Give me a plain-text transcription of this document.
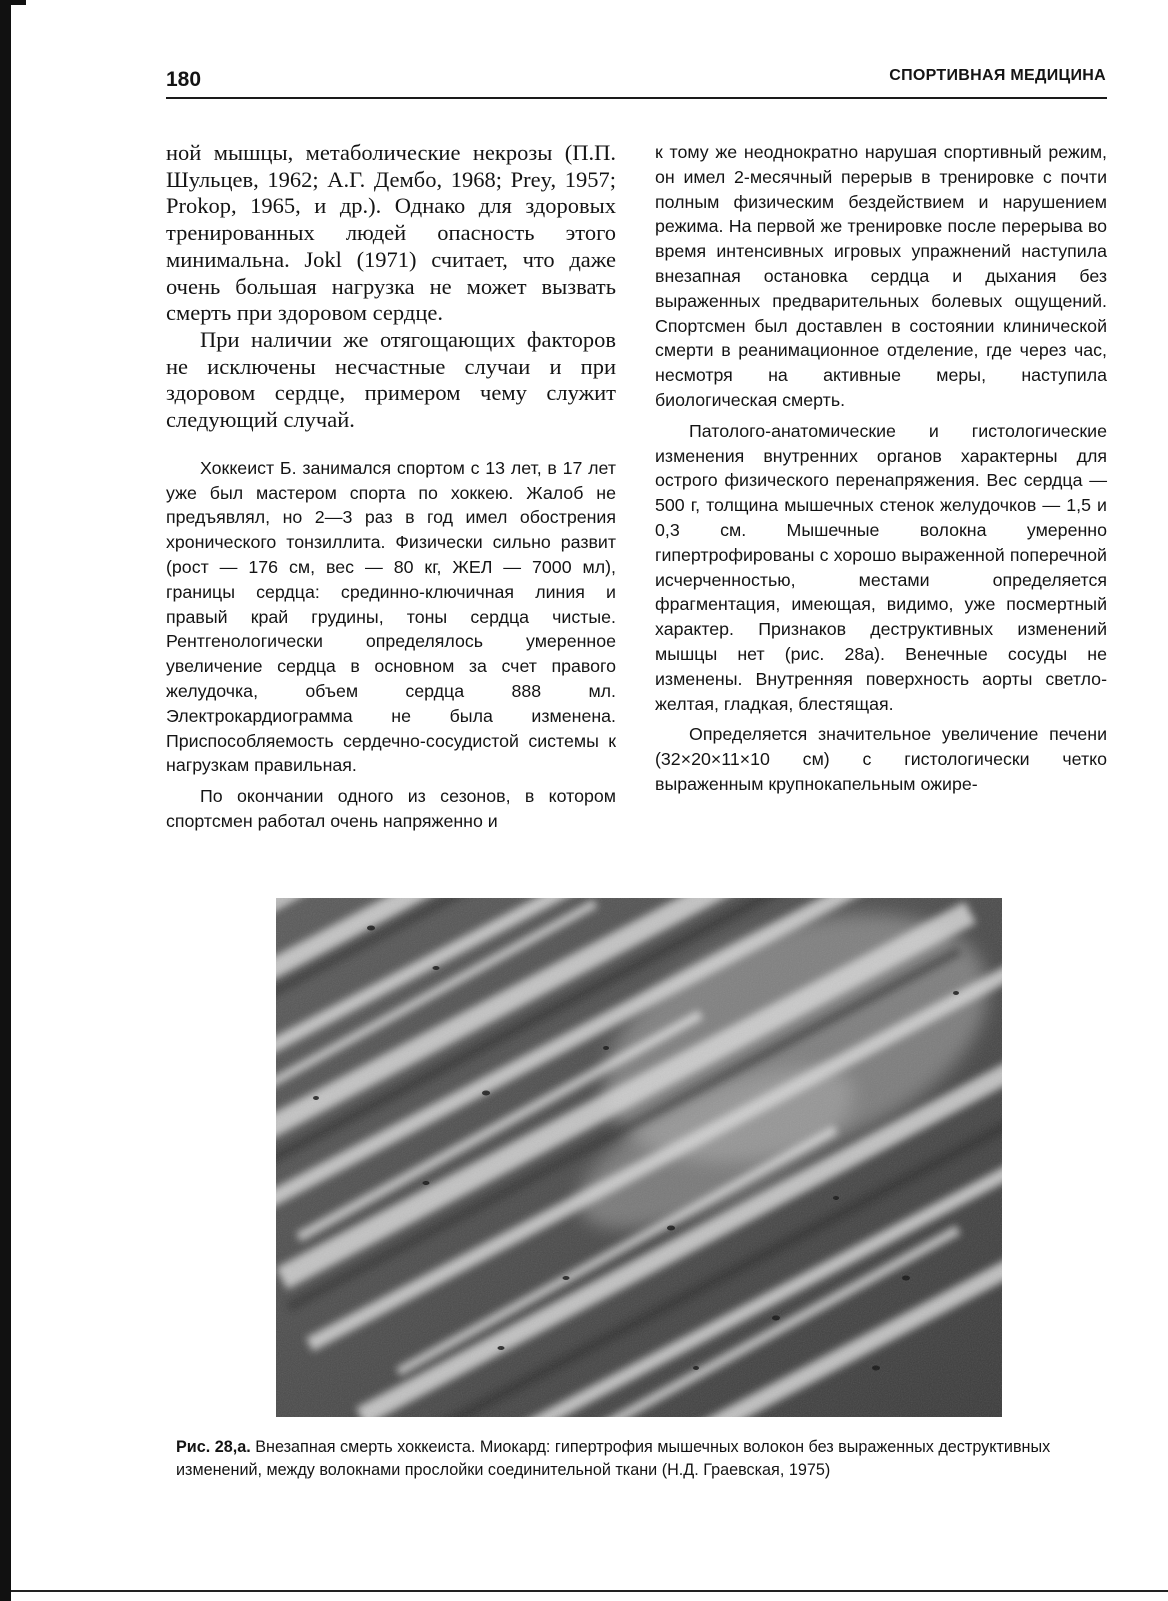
180	СПОРТИВНАЯ МЕДИЦИНА

ной мышцы, метаболические некрозы (П.П. Шульцев, 1962; А.Г. Дембо, 1968; Prey, 1957; Prokop, 1965, и др.). Однако для здоровых тренированных людей опасность этого минимальна. Jokl (1971) считает, что даже очень большая нагрузка не может вызвать смерть при здоровом сердце.

При наличии же отягощающих факторов не исключены несчастные случаи и при здоровом сердце, примером чему служит следующий случай.

Хоккеист Б. занимался спортом с 13 лет, в 17 лет уже был мастером спорта по хоккею. Жалоб не предъявлял, но 2—3 раз в год имел обострения хронического тонзиллита. Физически сильно развит (рост — 176 см, вес — 80 кг, ЖЕЛ — 7000 мл), границы сердца: срединно-ключичная линия и правый край грудины, тоны сердца чистые. Рентгенологически определялось умеренное увеличение сердца в основном за счет правого желудочка, объем сердца 888 мл. Электрокардиограмма не была изменена. Приспособляемость сердечно-сосудистой системы к нагрузкам правильная.

По окончании одного из сезонов, в котором спортсмен работал очень напряженно и

к тому же неоднократно нарушая спортивный режим, он имел 2-месячный перерыв в тренировке с почти полным физическим бездействием и нарушением режима. На первой же тренировке после перерыва во время интенсивных игровых упражнений наступила внезапная остановка сердца и дыхания без выраженных предварительных болевых ощущений. Спортсмен был доставлен в состоянии клинической смерти в реанимационное отделение, где через час, несмотря на активные меры, наступила биологическая смерть.

Патолого-анатомические и гистологические изменения внутренних органов характерны для острого физического перенапряжения. Вес сердца — 500 г, толщина мышечных стенок желудочков — 1,5 и 0,3 см. Мышечные волокна умеренно гипертрофированы с хорошо выраженной поперечной исчерченностью, местами определяется фрагментация, имеющая, видимо, уже посмертный характер. Признаков деструктивных изменений мышцы нет (рис. 28а). Венечные сосуды не изменены. Внутренняя поверхность аорты светло-желтая, гладкая, блестящая.

Определяется значительное увеличение печени (32×20×11×10 см) с гистологически четко выраженным крупнокапельным ожире-

Рис. 28,а. Внезапная смерть хоккеиста. Миокард: гипертрофия мышечных волокон без выраженных деструктивных изменений, между волокнами прослойки соединительной ткани (Н.Д. Граевская, 1975)
